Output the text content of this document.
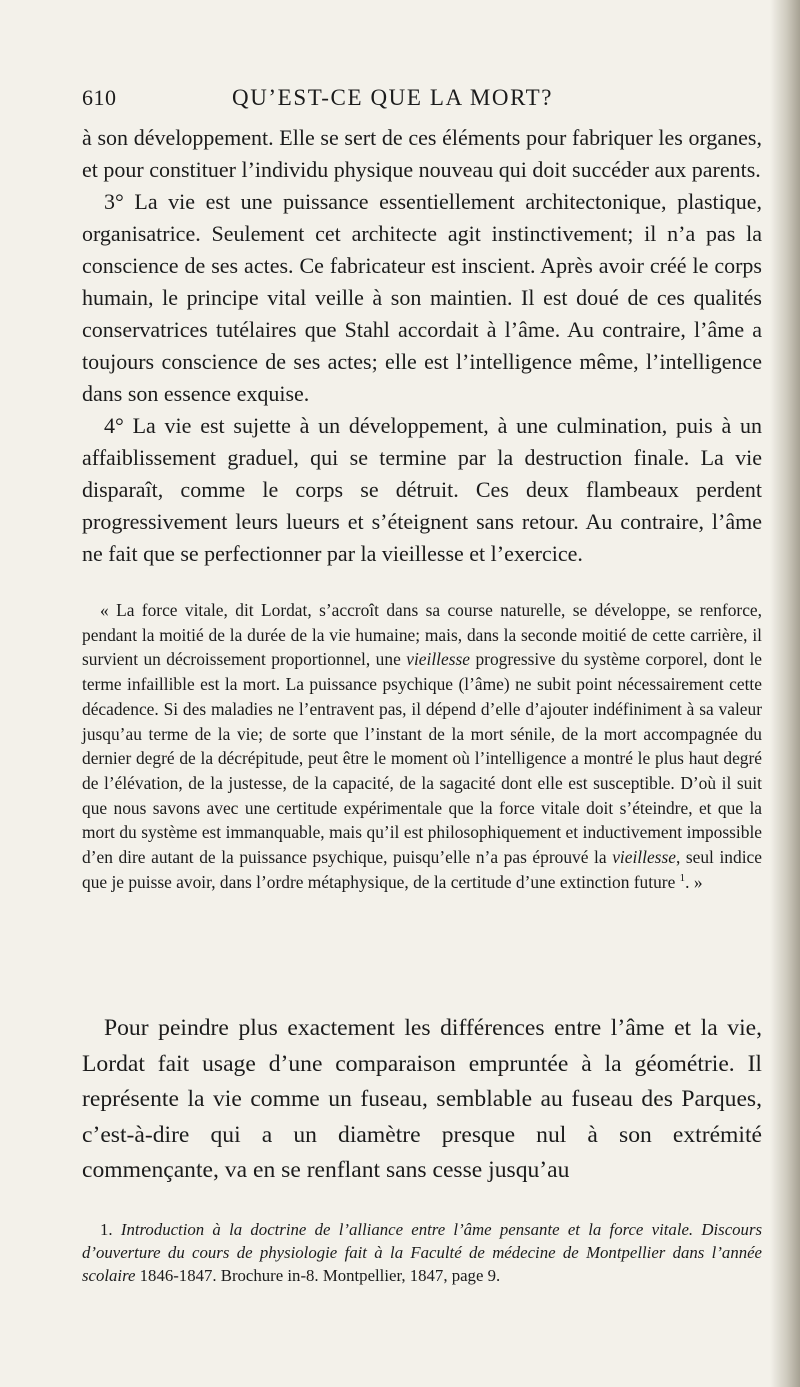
610	QU’EST-CE QUE LA MORT?

à son développement. Elle se sert de ces éléments pour fabriquer les organes, et pour constituer l’individu physique nouveau qui doit succéder aux parents.

3° La vie est une puissance essentiellement architectonique, plastique, organisatrice. Seulement cet architecte agit instinctivement; il n’a pas la conscience de ses actes. Ce fabricateur est inscient. Après avoir créé le corps humain, le principe vital veille à son maintien. Il est doué de ces qualités conservatrices tutélaires que Stahl accordait à l’âme. Au contraire, l’âme a toujours conscience de ses actes; elle est l’intelligence même, l’intelligence dans son essence exquise.

4° La vie est sujette à un développement, à une culmination, puis à un affaiblissement graduel, qui se termine par la destruction finale. La vie disparaît, comme le corps se détruit. Ces deux flambeaux perdent progressivement leurs lueurs et s’éteignent sans retour. Au contraire, l’âme ne fait que se perfectionner par la vieillesse et l’exercice.

« La force vitale, dit Lordat, s’accroît dans sa course naturelle, se développe, se renforce, pendant la moitié de la durée de la vie humaine; mais, dans la seconde moitié de cette carrière, il survient un décroissement proportionnel, une vieillesse progressive du système corporel, dont le terme infaillible est la mort. La puissance psychique (l’âme) ne subit point nécessairement cette décadence. Si des maladies ne l’entravent pas, il dépend d’elle d’ajouter indéfiniment à sa valeur jusqu’au terme de la vie; de sorte que l’instant de la mort sénile, de la mort accompagnée du dernier degré de la décrépitude, peut être le moment où l’intelligence a montré le plus haut degré de l’élévation, de la justesse, de la capacité, de la sagacité dont elle est susceptible. D’où il suit que nous savons avec une certitude expérimentale que la force vitale doit s’éteindre, et que la mort du système est immanquable, mais qu’il est philosophiquement et inductivement impossible d’en dire autant de la puissance psychique, puisqu’elle n’a pas éprouvé la vieillesse, seul indice que je puisse avoir, dans l’ordre métaphysique, de la certitude d’une extinction future $^1$. »

Pour peindre plus exactement les différences entre l’âme et la vie, Lordat fait usage d’une comparaison empruntée à la géométrie. Il représente la vie comme un fuseau, semblable au fuseau des Parques, c’est-à-dire qui a un diamètre presque nul à son extrémité commençante, va en se renflant sans cesse jusqu’au

1. Introduction à la doctrine de l’alliance entre l’âme pensante et la force vitale. Discours d’ouverture du cours de physiologie fait à la Faculté de médecine de Montpellier dans l’année scolaire 1846-1847. Brochure in-8. Montpellier, 1847, page 9.
